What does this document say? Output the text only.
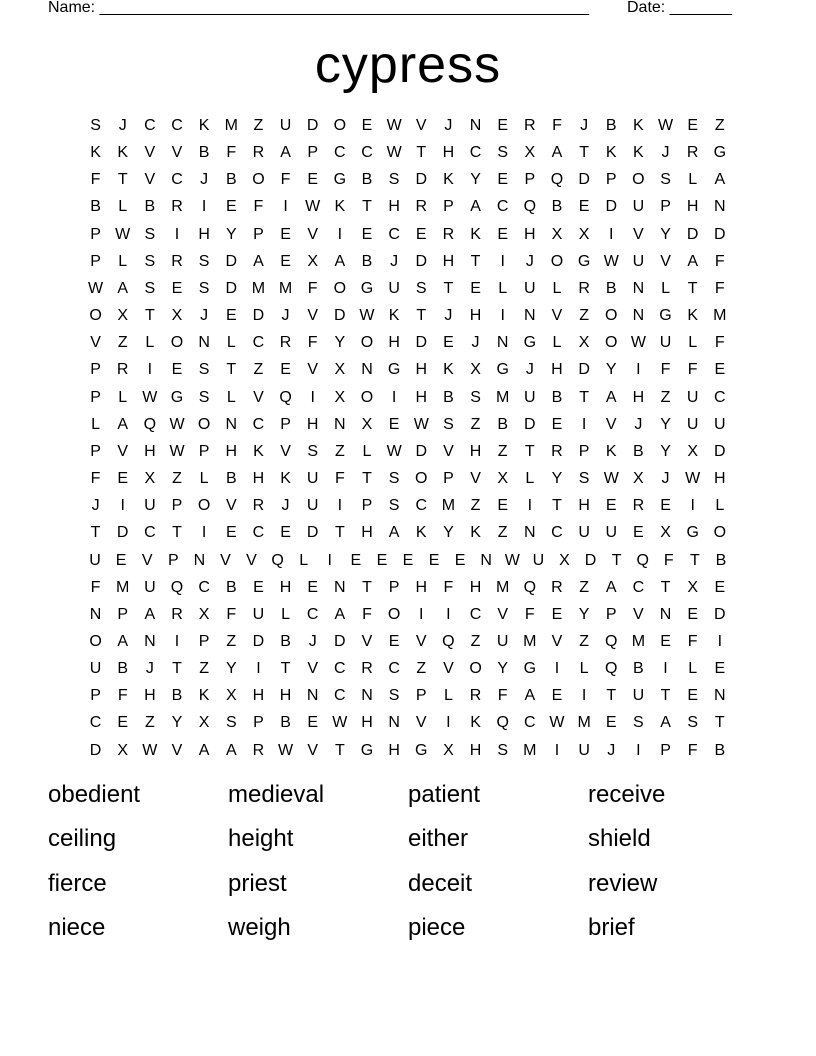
Name: _______________________________________________________ Date: _______
cypress
S	J	C C	K M Z	U D O E W V	J	N	E	R	F	J	B	K W E	Z
K	K	V	V	B	F	R	A	P	C C W T	H C	S	X	A	T	K	K	J	R G
F	T	V	C	J	B O	F	E G B	S	D	K	Y	E	P Q D	P O S	L	A
B	L	B	R	I	E	F	I	W K	T	H R	P	A	C Q B	E	D U	P	H N
P W S	I	H	Y	P	E	V	I	E	C	E	R	K	E	H	X	X	I	V	Y	D D
P	L	S	R	S	D	A	E	X	A	B	J	D H	T	I	J	O G W U	V	A	F
W A	S	E	S	D M M F	O G U	S	T	E	L	U	L	R	B	N	L	T	F
O X	T	X	J	E	D	J	V	D W K	T	J	H	I	N	V	Z	O N G K M
V	Z	L	O N	L	C R	F	Y O H D	E	J	N G	L	X O W U	L	F
P	R	I	E	S	T	Z	E	V	X	N G H	K	X G	J	H D	Y	I	F	F	E
P	L W G S	L	V Q	I	X O	I	H	B	S M U	B	T	A	H	Z	U C
L	A Q W O N C	P	H N	X	E W S	Z	B	D	E	I	V	J	Y	U U
P	V	H W P	H	K	V	S	Z	L W D	V	H	Z	T	R	P	K	B	Y	X	D
F	E	X	Z	L	B	H	K	U	F	T	S O P	V	X	L	Y	S W X	J W H
J	I	U	P O V	R	J	U	I	P	S	C M Z	E	I	T	H	E	R	E	I	L
T	D C	T	I	E	C	E	D	T	H	A	K	Y	K	Z	N C U U	E	X G O
U E V P N V V Q L	I	E E E E E N W U X D T Q F	T B
F M U Q C	B	E	H	E	N	T	P	H	F	H M Q R	Z	A	C	T	X	E
N	P	A	R	X	F	U	L	C	A	F	O	I	I	C	V	F	E	Y	P	V	N	E	D
O A	N	I	P	Z	D	B	J	D	V	E	V Q	Z	U M V	Z	Q M E	F	I
U	B	J	T	Z	Y	I	T	V	C R C	Z	V O Y G	I	L	Q B	I	L	E
P	F	H	B	K	X	H H N C N	S	P	L	R	F	A	E	I	T	U	T	E	N
C	E	Z	Y	X	S	P	B	E W H N	V	I	K Q C W M E	S	A	S	T
D	X W V	A	A	R W V	T	G H G X	H	S M	I	U	J	I	P	F	B
obedient	medieval	patient	receive
ceiling	height	either	shield
fierce	priest	deceit	review
niece	weigh	piece	brief
